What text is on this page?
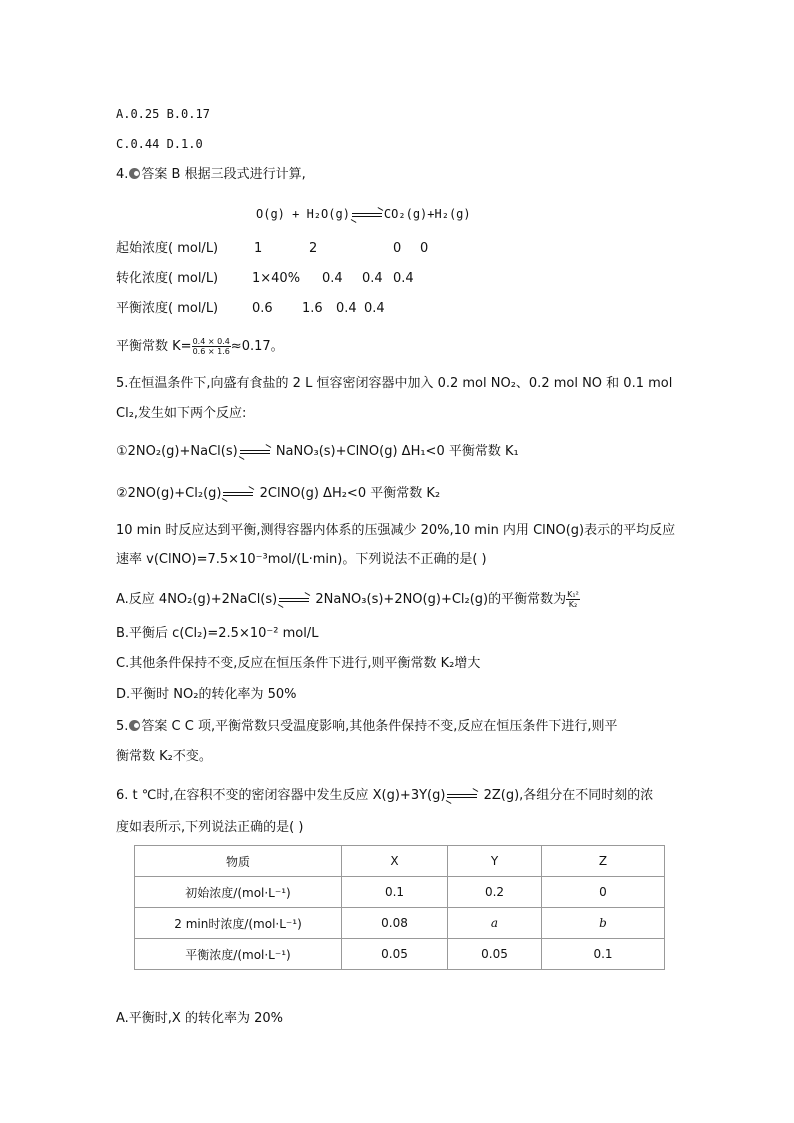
A.0.25 B.0.17
C.0.44 D.1.0
4. 答案 B 根据三段式进行计算,
O(g) + H₂O(g)	CO₂(g)+H₂(g)
起始浓度( mol/L)	1	2	0 0
转化浓度( mol/L)	1×40% 0.4 0.4 0.4
平衡浓度( mol/L)	0.6 1.6 0.4 0.4
平衡常数 $K= \frac{0.4 \times 0.4}{0.6 \times 1.6} \approx 0.17$。
5.在恒温条件下,向盛有食盐的 2 L 恒容密闭容器中加入 0.2 mol NO₂、0.2 mol NO 和 0.1 mol
Cl₂,发生如下两个反应:
①2NO₂(g)+NaCl(s)	NaNO₃(s)+ClNO(g) ΔH₁<0 平衡常数 K₁
②2NO(g)+Cl₂(g)	2ClNO(g) ΔH₂<0 平衡常数 K₂
10 min 时反应达到平衡,测得容器内体系的压强减少 20%,10 min 内用 ClNO(g)表示的平均反应
速率 v(ClNO)=7.5×10⁻³mol/(L·min)。下列说法不正确的是( )
A.反应 4NO₂(g)+2NaCl(s)	2NaNO₃(s)+2NO(g)+Cl₂(g)的平衡常数为 $\frac{\text{K₁²}}{\text{K₂}}$
B.平衡后 c(Cl₂)=2.5×10⁻² mol/L
C.其他条件保持不变,反应在恒压条件下进行,则平衡常数 K₂增大
D.平衡时 NO₂的转化率为 50%
5. 答案 C C 项,平衡常数只受温度影响,其他条件保持不变,反应在恒压条件下进行,则平
衡常数 K₂不变。
6. t ℃时,在容积不变的密闭容器中发生反应 X(g)+3Y(g)	2Z(g),各组分在不同时刻的浓
度如表所示,下列说法正确的是( )
物质	X	Y	Z
初始浓度/(mol·L⁻¹)	0.1	0.2	0
2 min时浓度/(mol·L⁻¹)	0.08	a	b
平衡浓度/(mol·L⁻¹)	0.05	0.05	0.1
A.平衡时,X 的转化率为 20%
